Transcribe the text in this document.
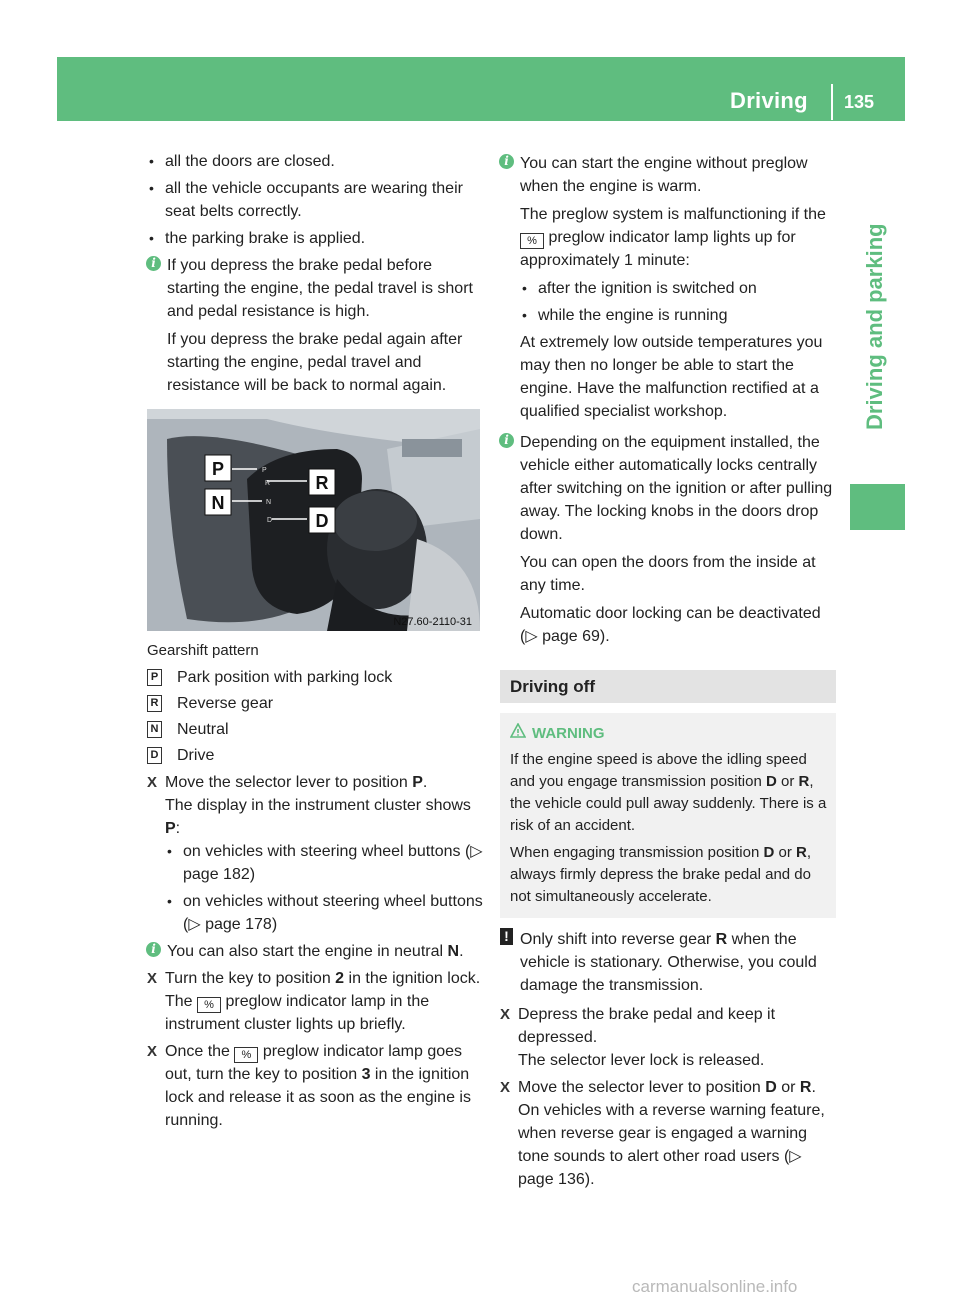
Driving 135
Driving and parking
• all the doors are closed.
• all the vehicle occupants are wearing their seat belts correctly.
• the parking brake is applied.
i If you depress the brake pedal before starting the engine, the pedal travel is short and pedal resistance is high.

If you depress the brake pedal again after starting the engine, pedal travel and resistance will be back to normal again.

P
R
N
D
P
R
N
D
N27.60-2110-31
Gearshift pattern
P Park position with parking lock
R Reverse gear
N Neutral
D Drive
X Move the selector lever to position P.
The display in the instrument cluster shows P:
• on vehicles with steering wheel buttons (▷ page 182)
• on vehicles without steering wheel buttons (▷ page 178)
i You can also start the engine in neutral N.
X Turn the key to position 2 in the ignition lock.
The % preglow indicator lamp in the instrument cluster lights up briefly.
X Once the % preglow indicator lamp goes out, turn the key to position 3 in the ignition lock and release it as soon as the engine is running.
i You can start the engine without preglow when the engine is warm.

The preglow system is malfunctioning if the % preglow indicator lamp lights up for approximately 1 minute:

• after the ignition is switched on
• while the engine is running

At extremely low outside temperatures you may then no longer be able to start the engine. Have the malfunction rectified at a qualified specialist workshop.

i Depending on the equipment installed, the vehicle either automatically locks centrally after switching on the ignition or after pulling away. The locking knobs in the doors drop down.

You can open the doors from the inside at any time.

Automatic door locking can be deactivated (▷ page 69).

Driving off
WARNING

If the engine speed is above the idling speed and you engage transmission position D or R, the vehicle could pull away suddenly. There is a risk of an accident.

When engaging transmission position D or R, always firmly depress the brake pedal and do not simultaneously accelerate.

! Only shift into reverse gear R when the vehicle is stationary. Otherwise, you could damage the transmission.
X Depress the brake pedal and keep it depressed.
The selector lever lock is released.
X Move the selector lever to position D or R.
On vehicles with a reverse warning feature, when reverse gear is engaged a warning tone sounds to alert other road users (▷ page 136).
carmanualsonline.info
